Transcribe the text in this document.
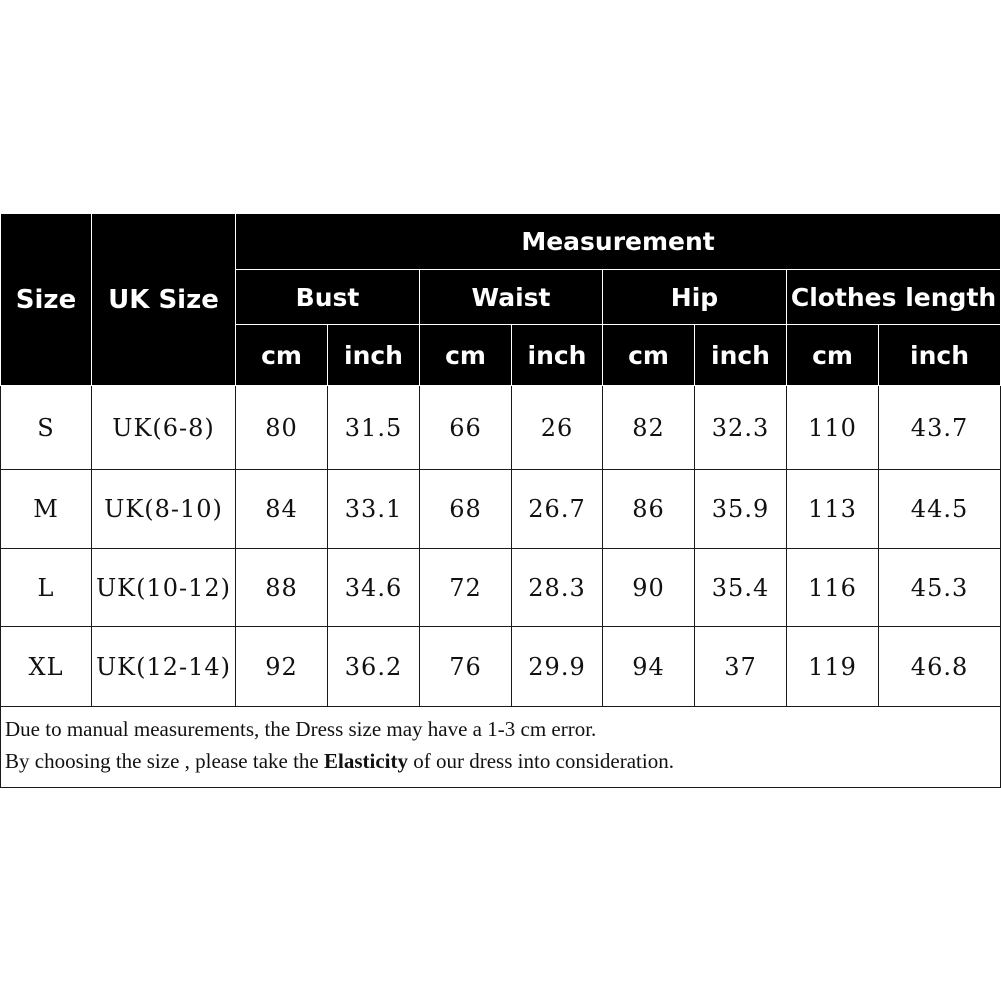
Size	UK Size	Measurement							
		Bust		Waist		Hip		Clothes length	
		cm	inch	cm	inch	cm	inch	cm	inch
S	UK(6-8)	80	31.5	66	26	82	32.3	110	43.7
M	UK(8-10)	84	33.1	68	26.7	86	35.9	113	44.5
L	UK(10-12)	88	34.6	72	28.3	90	35.4	116	45.3
XL	UK(12-14)	92	36.2	76	29.9	94	37	119	46.8

Due to manual measurements, the Dress size may have a 1-3 cm error.
By choosing the size , please take the Elasticity of our dress into consideration.									
